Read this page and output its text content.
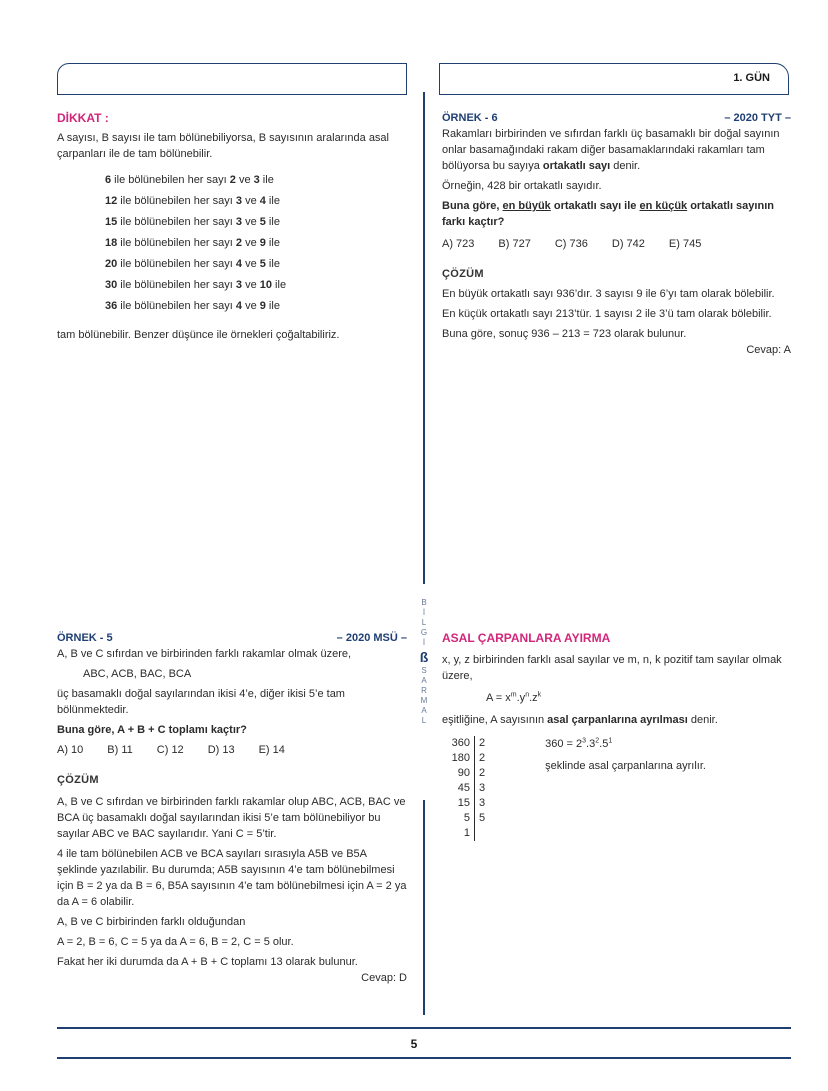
1. GÜN
DİKKAT :

A sayısı, B sayısı ile tam bölünebiliyorsa, B sayısının aralarında asal çarpanları ile de tam bölünebilir.

6 ile bölünebilen her sayı 2 ve 3 ile
12 ile bölünebilen her sayı 3 ve 4 ile
15 ile bölünebilen her sayı 3 ve 5 ile
18 ile bölünebilen her sayı 2 ve 9 ile
20 ile bölünebilen her sayı 4 ve 5 ile
30 ile bölünebilen her sayı 3 ve 10 ile
36 ile bölünebilen her sayı 4 ve 9 ile

tam bölünebilir. Benzer düşünce ile örnekleri çoğaltabiliriz.

ÖRNEK - 6	– 2020 TYT –

Rakamları birbirinden ve sıfırdan farklı üç basamaklı bir doğal sayının onlar basamağındaki rakam diğer basamaklarındaki rakamları tam bölüyorsa bu sayıya ortakatlı sayı denir.

Örneğin, 428 bir ortakatlı sayıdır.

Buna göre, en büyük ortakatlı sayı ile en küçük ortakatlı sayının farkı kaçtır?

A) 723 B) 727 C) 736 D) 742 E) 745
ÇÖZÜM

En büyük ortakatlı sayı 936’dır. 3 sayısı 9 ile 6’yı tam olarak bölebilir.

En küçük ortakatlı sayı 213’tür. 1 sayısı 2 ile 3’ü tam olarak bölebilir.

Buna göre, sonuç 936 – 213 = 723 olarak bulunur.

Cevap: A

B
İ
L
G
İ
ß
S
A
R
M
A
L
ÖRNEK - 5	– 2020 MSÜ –

A, B ve C sıfırdan ve birbirinden farklı rakamlar olmak üzere,

ABC, ACB, BAC, BCA

üç basamaklı doğal sayılarından ikisi 4’e, diğer ikisi 5’e tam bölünmektedir.

Buna göre, A + B + C toplamı kaçtır?

A) 10 B) 11 C) 12 D) 13 E) 14
ÇÖZÜM

A, B ve C sıfırdan ve birbirinden farklı rakamlar olup ABC, ACB, BAC ve BCA üç basamaklı doğal sayılarından ikisi 5’e tam bölünebiliyor bu sayılar ABC ve BAC sayılarıdır. Yani C = 5’tir.

4 ile tam bölünebilen ACB ve BCA sayıları sırasıyla A5B ve B5A şeklinde yazılabilir. Bu durumda; A5B sayısının 4’e tam bölünebilmesi için B = 2 ya da B = 6, B5A sayısının 4’e tam bölünebilmesi için A = 2 ya da A = 6 olabilir.

A, B ve C birbirinden farklı olduğundan

A = 2, B = 6, C = 5 ya da A = 6, B = 2, C = 5 olur.

Fakat her iki durumda da A + B + C toplamı 13 olarak bulunur.

Cevap: D

ASAL ÇARPANLARA AYIRMA

x, y, z birbirinden farklı asal sayılar ve m, n, k pozitif tam sayılar olmak üzere,

$A = x^m.y^n.z^k$

eşitliğine, A sayısının asal çarpanlarına ayrılması denir.

360 2
180 2
90 2
45 3
15 3
5 5
1

$360 = 2^3.3^2.5^1$

şeklinde asal çarpanlarına ayrılır.

5
